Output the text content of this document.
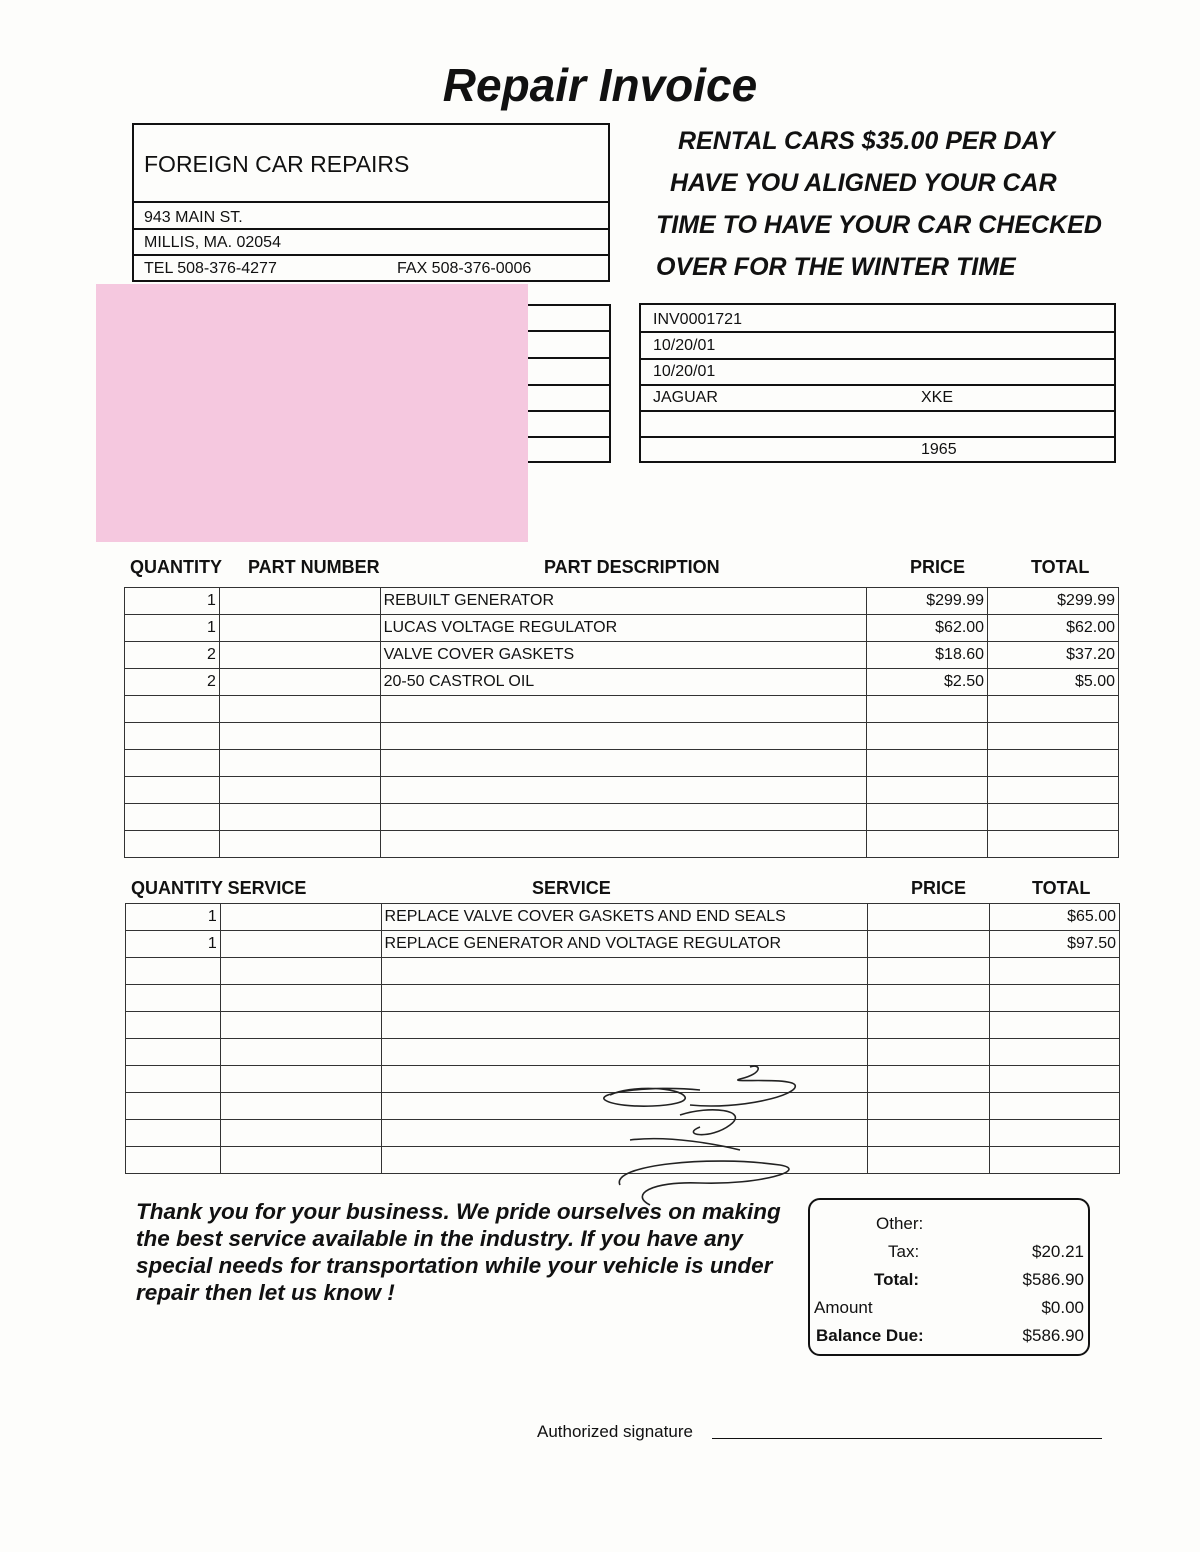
Repair Invoice
FOREIGN CAR REPAIRS
943 MAIN ST.
MILLIS, MA. 02054
TEL 508-376-4277	FAX 508-376-0006
RENTAL CARS $35.00 PER DAY
HAVE YOU ALIGNED YOUR CAR
TIME TO HAVE YOUR CAR CHECKED
OVER FOR THE WINTER TIME
INV0001721
10/20/01
10/20/01
JAGUAR	XKE
1965
QUANTITY PART NUMBER	PART DESCRIPTION	PRICE	TOTAL
1		REBUILT GENERATOR	$299.99	$299.99
1		LUCAS VOLTAGE REGULATOR	$62.00	$62.00
2		VALVE COVER GASKETS	$18.60	$37.20
2		20-50 CASTROL OIL	$2.50	$5.00

QUANTITY SERVICE	SERVICE	PRICE	TOTAL
1		REPLACE VALVE COVER GASKETS AND END SEALS		$65.00
1		REPLACE GENERATOR AND VOLTAGE REGULATOR		$97.50

Thank you for your business. We pride ourselves on making the best service available in the industry. If you have any special needs for transportation while your vehicle is under repair then let us know !
Other:
Tax:	$20.21
Total:	$586.90
Amount	$0.00
Balance Due:	$586.90
Authorized signature
